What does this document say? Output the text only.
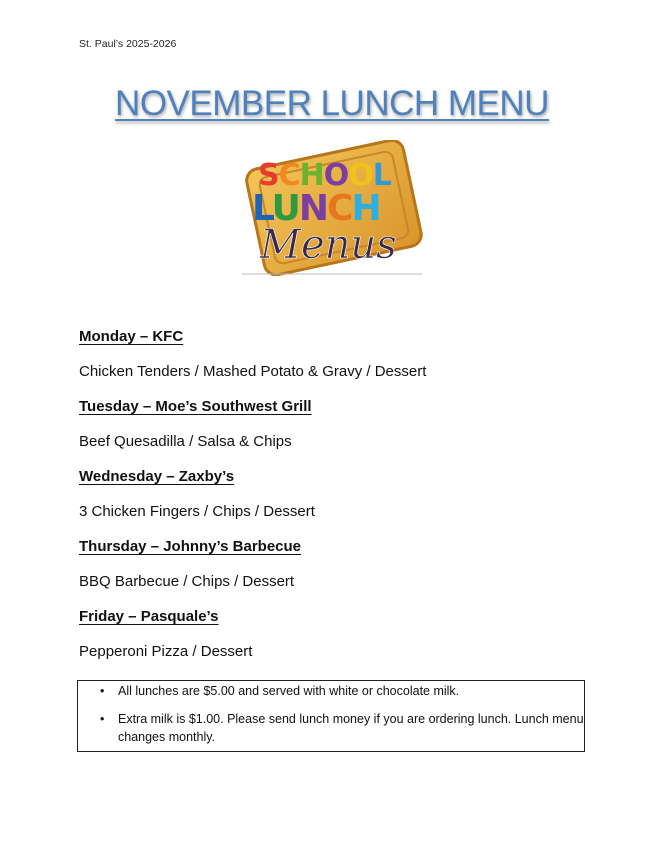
St. Paul’s 2025-2026
NOVEMBER LUNCH MENU
SCHOOL
LUNCH
Menus
Monday – KFC
Chicken Tenders / Mashed Potato & Gravy / Dessert
Tuesday – Moe’s Southwest Grill
Beef Quesadilla / Salsa & Chips
Wednesday – Zaxby’s
3 Chicken Fingers / Chips / Dessert
Thursday – Johnny’s Barbecue
BBQ Barbecue / Chips / Dessert
Friday – Pasquale’s
Pepperoni Pizza / Dessert
• All lunches are $5.00 and served with white or chocolate milk.
• Extra milk is $1.00. Please send lunch money if you are ordering lunch. Lunch menu changes monthly.
